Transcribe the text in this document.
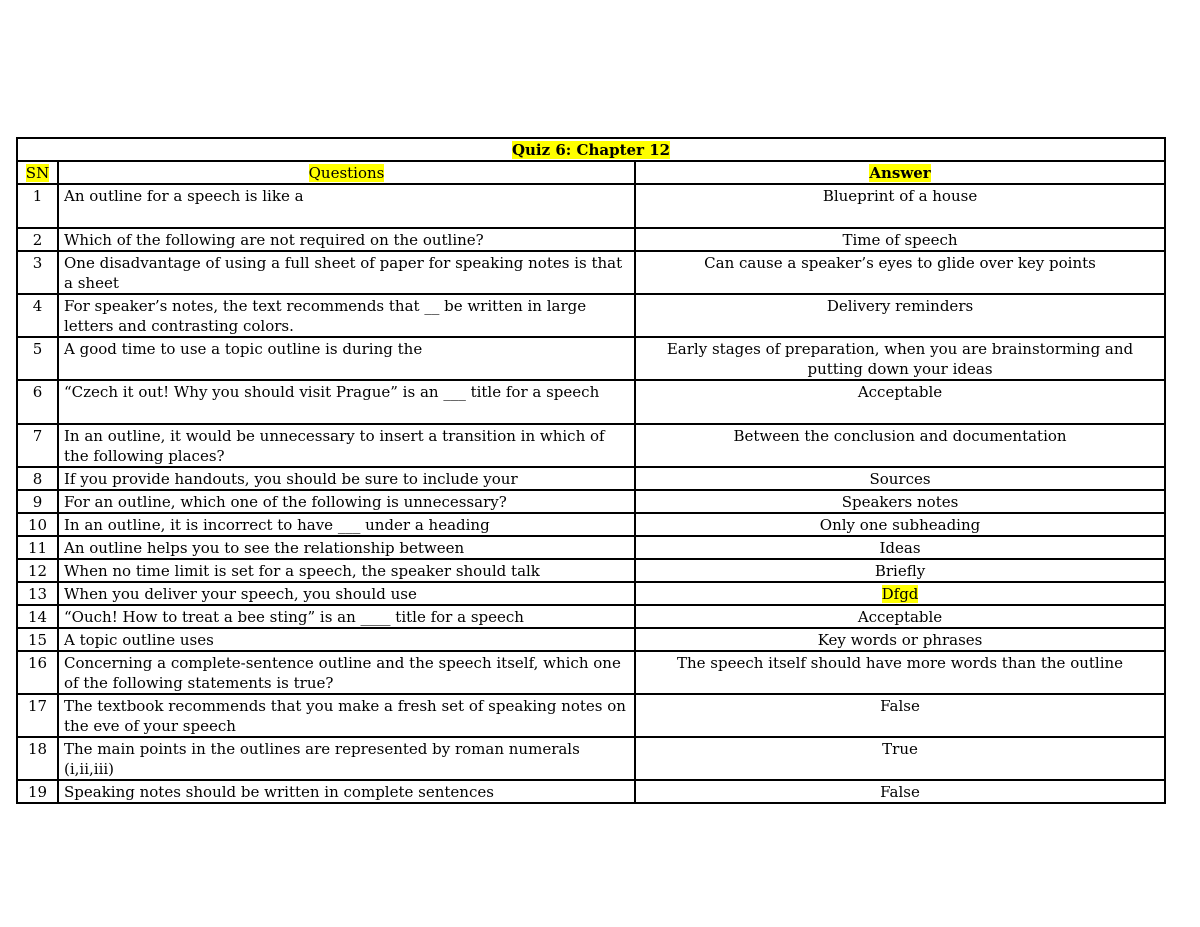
Quiz 6: Chapter 12		
SN	Questions	Answer
1	An outline for a speech is like a	Blueprint of a house
2	Which of the following are not required on the outline?	Time of speech
3	One disadvantage of using a full sheet of paper for speaking notes is that a sheet	Can cause a speaker’s eyes to glide over key points
4	For speaker’s notes, the text recommends that __ be written in large letters and contrasting colors.	Delivery reminders
5	A good time to use a topic outline is during the	Early stages of preparation, when you are brainstorming and putting down your ideas
6	“Czech it out! Why you should visit Prague” is an ___ title for a speech	Acceptable
7	In an outline, it would be unnecessary to insert a transition in which of the following places?	Between the conclusion and documentation
8	If you provide handouts, you should be sure to include your	Sources
9	For an outline, which one of the following is unnecessary?	Speakers notes
10	In an outline, it is incorrect to have ___ under a heading	Only one subheading
11	An outline helps you to see the relationship between	Ideas
12	When no time limit is set for a speech, the speaker should talk	Briefly
13	When you deliver your speech, you should use	Dfgd
14	“Ouch! How to treat a bee sting” is an ____ title for a speech	Acceptable
15	A topic outline uses	Key words or phrases
16	Concerning a complete-sentence outline and the speech itself, which one of the following statements is true?	The speech itself should have more words than the outline
17	The textbook recommends that you make a fresh set of speaking notes on the eve of your speech	False
18	The main points in the outlines are represented by roman numerals (i,ii,iii)	True
19	Speaking notes should be written in complete sentences	False
